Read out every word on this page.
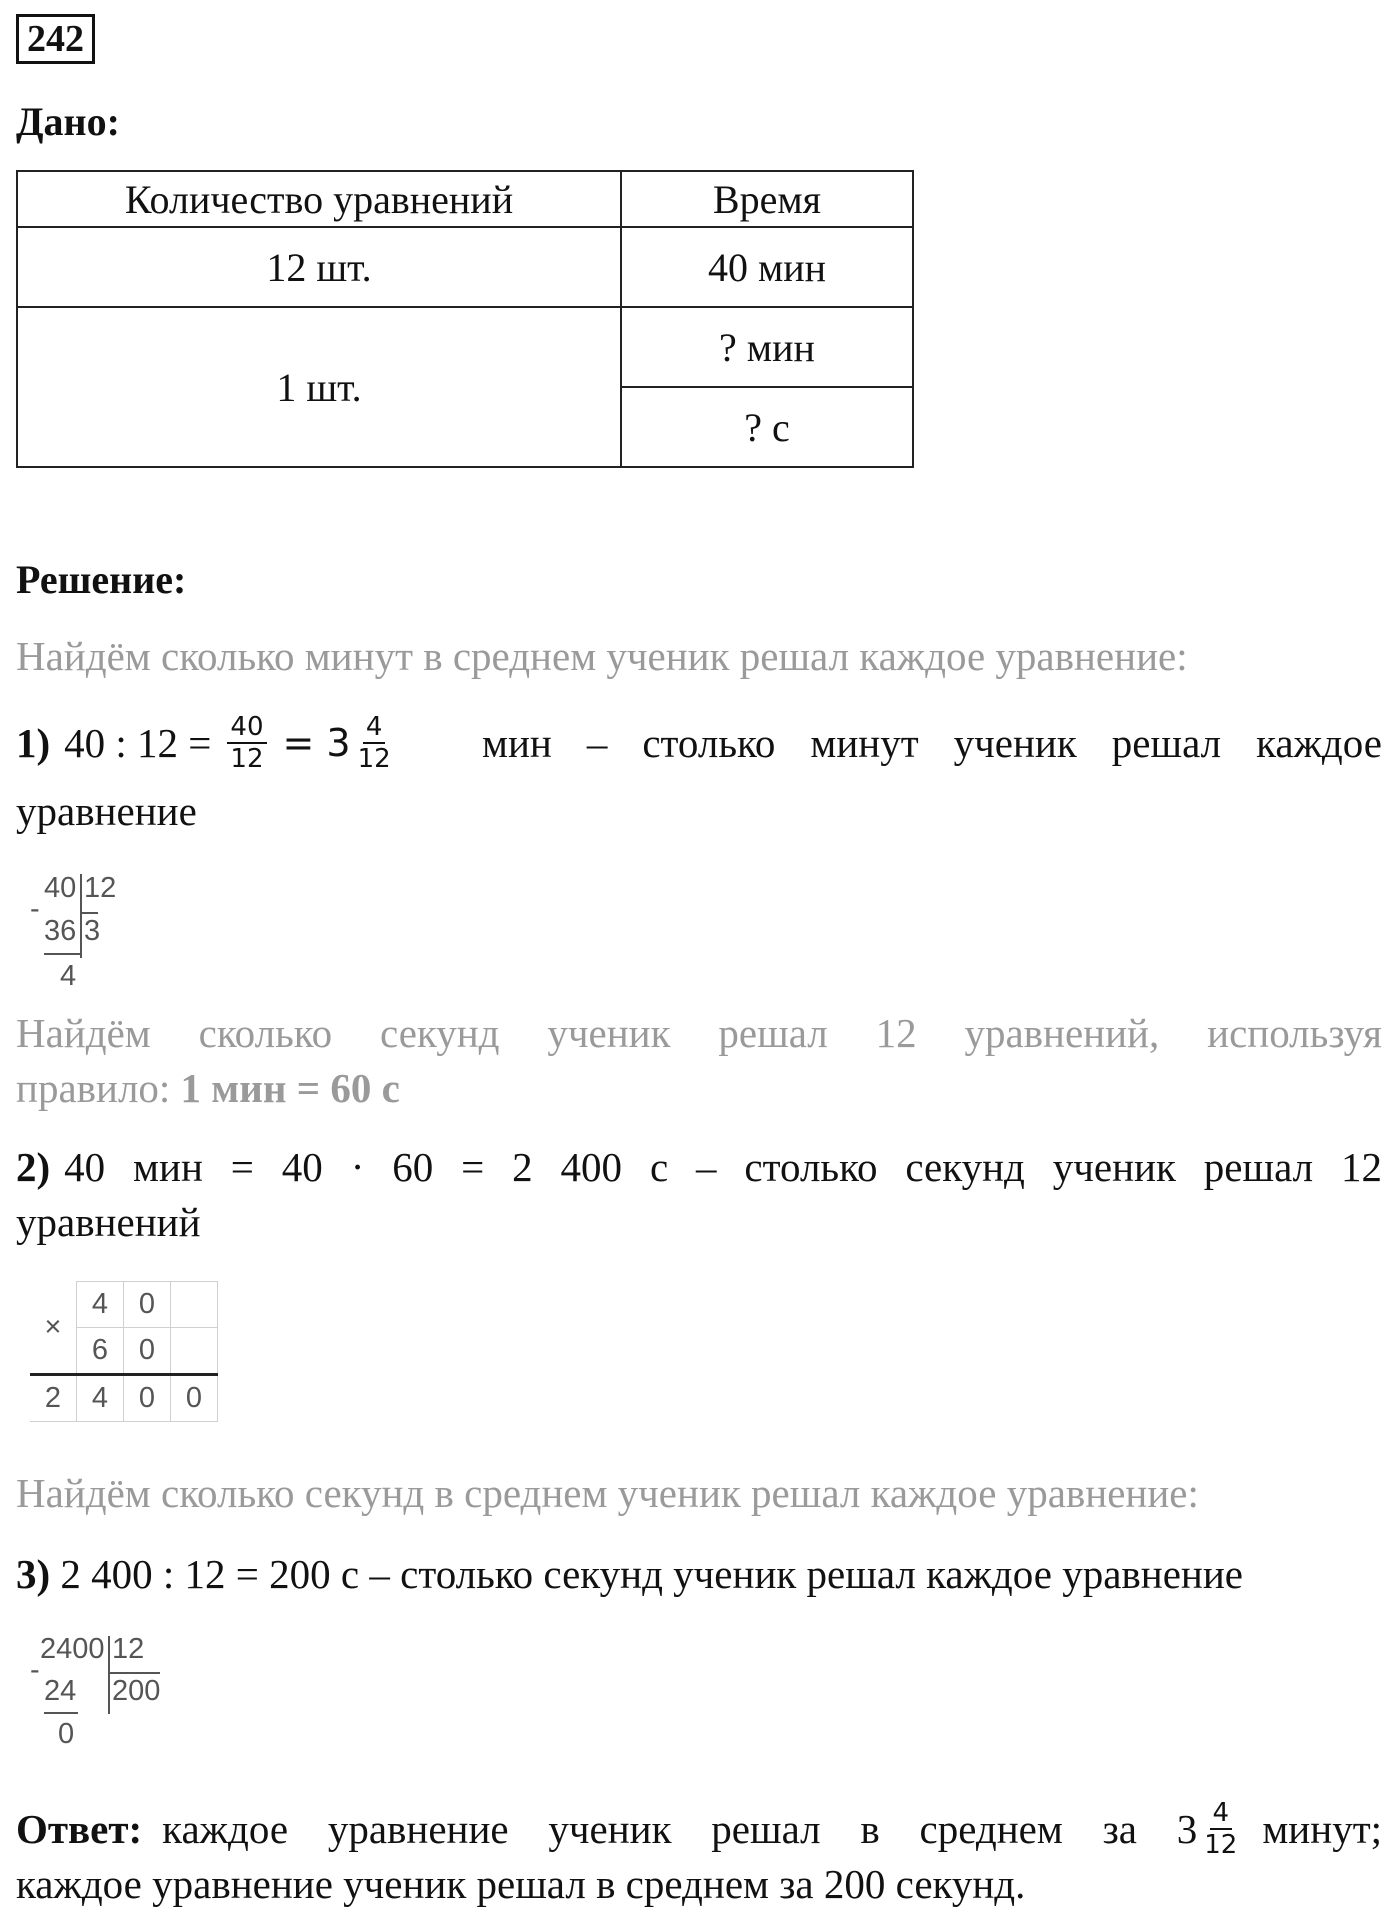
242
Дано:
Количество уравнений	Время
12 шт.	40 мин
1 шт.	? мин
	? с
Решение:
Найдём сколько минут в среднем ученик решал каждое уравнение:
1) 40 : $12 = \frac{40}{12} = 3 \frac{4}{12}$ мин – столько минут ученик решал каждое
уравнение
40 12
-
36 3
4
Найдём сколько секунд ученик решал 12 уравнений, используя
правило: 1 мин = 60 с
2) 40 мин = 40 · 60 = 2 400 с – столько секунд ученик решал 12
уравнений
×	4	0	
	6	0	
2	4	0	0
Найдём сколько секунд в среднем ученик решал каждое уравнение:
3) 2 400 : 12 = 200 с – столько секунд ученик решал каждое уравнение
2400 12
-
24 200
0
Ответ: каждое уравнение ученик решал в среднем за $3 \frac{4}{12}$ минут;
каждое уравнение ученик решал в среднем за 200 секунд.
